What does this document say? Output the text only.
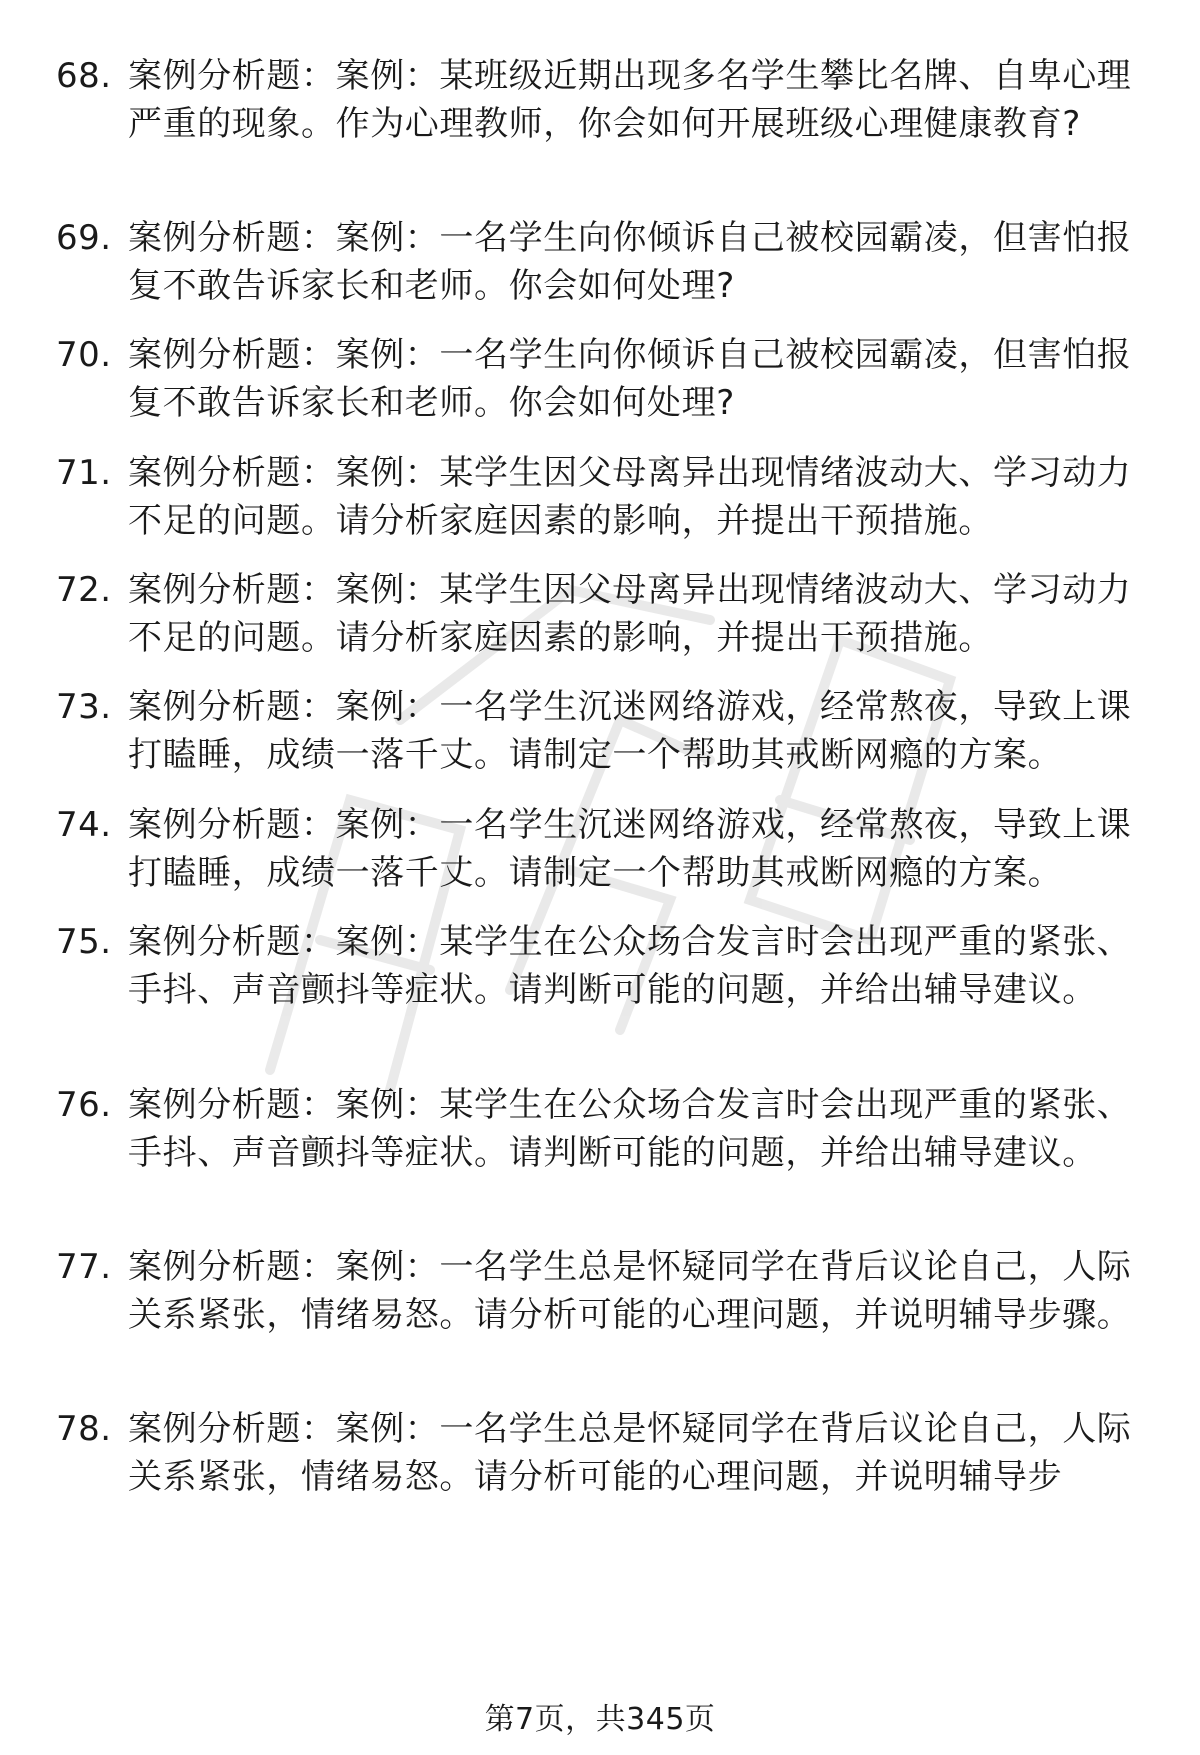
68. 案例分析题：案例：某班级近期出现多名学生攀比名牌、自卑心理严重的现象。作为心理教师，你会如何开展班级心理健康教育?
69. 案例分析题：案例：一名学生向你倾诉自己被校园霸凌，但害怕报复不敢告诉家长和老师。你会如何处理?
70. 案例分析题：案例：一名学生向你倾诉自己被校园霸凌，但害怕报复不敢告诉家长和老师。你会如何处理?
71. 案例分析题：案例：某学生因父母离异出现情绪波动大、学习动力不足的问题。请分析家庭因素的影响，并提出干预措施。
72. 案例分析题：案例：某学生因父母离异出现情绪波动大、学习动力不足的问题。请分析家庭因素的影响，并提出干预措施。
73. 案例分析题：案例：一名学生沉迷网络游戏，经常熬夜，导致上课打瞌睡，成绩一落千丈。请制定一个帮助其戒断网瘾的方案。
74. 案例分析题：案例：一名学生沉迷网络游戏，经常熬夜，导致上课打瞌睡，成绩一落千丈。请制定一个帮助其戒断网瘾的方案。
75. 案例分析题：案例：某学生在公众场合发言时会出现严重的紧张、手抖、声音颤抖等症状。请判断可能的问题，并给出辅导建议。
76. 案例分析题：案例：某学生在公众场合发言时会出现严重的紧张、手抖、声音颤抖等症状。请判断可能的问题，并给出辅导建议。
77. 案例分析题：案例：一名学生总是怀疑同学在背后议论自己，人际关系紧张，情绪易怒。请分析可能的心理问题，并说明辅导步骤。
78. 案例分析题：案例：一名学生总是怀疑同学在背后议论自己，人际关系紧张，情绪易怒。请分析可能的心理问题，并说明辅导步
第7页，共345页
